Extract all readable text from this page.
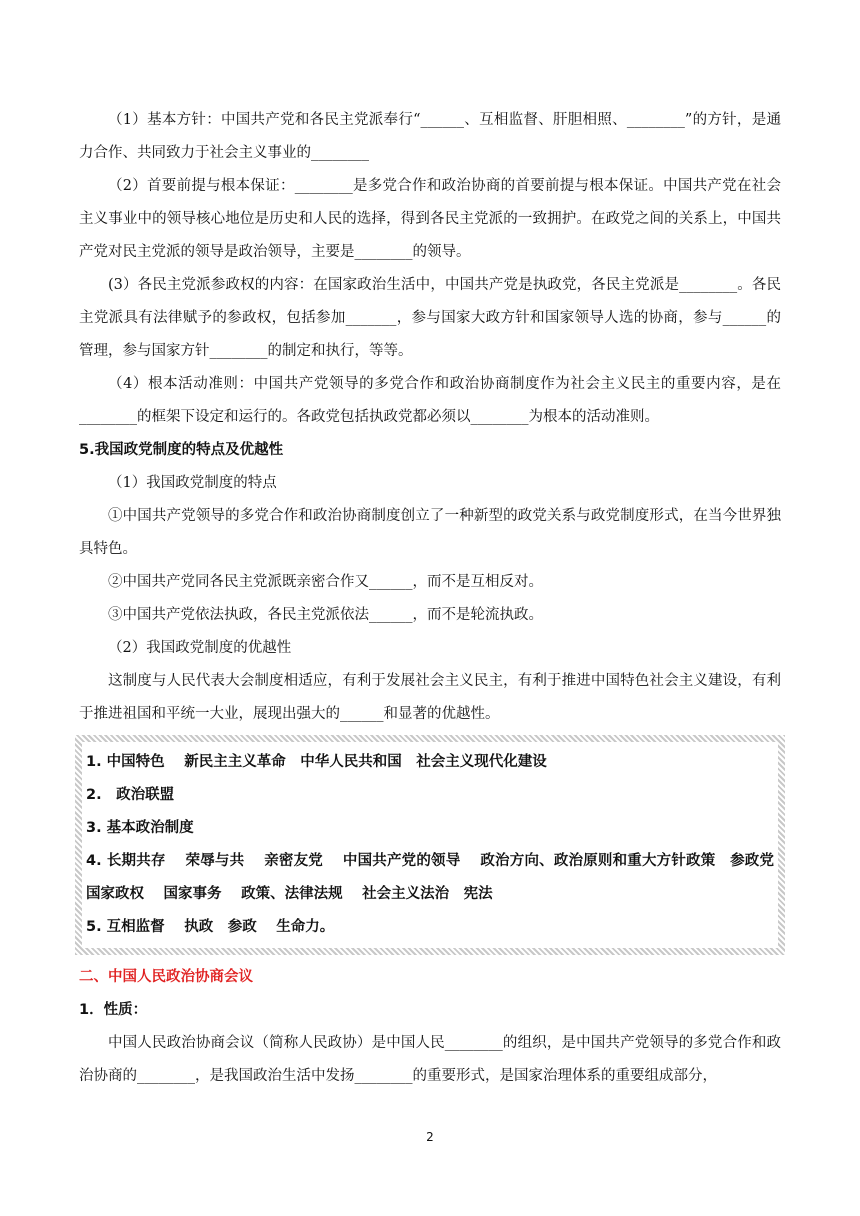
（1）基本方针：中国共产党和各民主党派奉行“______、互相监督、肝胆相照、________”的方针，是通力合作、共同致力于社会主义事业的________

（2）首要前提与根本保证：________是多党合作和政治协商的首要前提与根本保证。中国共产党在社会主义事业中的领导核心地位是历史和人民的选择，得到各民主党派的一致拥护。在政党之间的关系上，中国共产党对民主党派的领导是政治领导，主要是________的领导。

(3）各民主党派参政权的内容：在国家政治生活中，中国共产党是执政党，各民主党派是________。各民主党派具有法律赋予的参政权，包括参加_______，参与国家大政方针和国家领导人选的协商，参与______的管理，参与国家方针________的制定和执行，等等。

（4）根本活动准则：中国共产党领导的多党合作和政治协商制度作为社会主义民主的重要内容，是在________的框架下设定和运行的。各政党包括执政党都必须以________为根本的活动准则。

5.我国政党制度的特点及优越性

（1）我国政党制度的特点

①中国共产党领导的多党合作和政治协商制度创立了一种新型的政党关系与政党制度形式，在当今世界独具特色。

②中国共产党同各民主党派既亲密合作又______，而不是互相反对。

③中国共产党依法执政，各民主党派依法______，而不是轮流执政。

（2）我国政党制度的优越性

这制度与人民代表大会制度相适应，有利于发展社会主义民主，有利于推进中国特色社会主义建设，有利于推进祖国和平统一大业，展现出强大的______和显著的优越性。

1. 中国特色　 新民主主义革命　中华人民共和国　社会主义现代化建设

2.　政治联盟

3. 基本政治制度

4. 长期共存　 荣辱与共　 亲密友党　 中国共产党的领导　 政治方向、政治原则和重大方针政策　参政党　国家政权　 国家事务　 政策、法律法规　 社会主义法治　宪法

5. 互相监督　 执政　参政　 生命力。

二、中国人民政治协商会议

1．性质：

中国人民政治协商会议（简称人民政协）是中国人民________的组织，是中国共产党领导的多党合作和政治协商的________，是我国政治生活中发扬________的重要形式，是国家治理体系的重要组成部分，

2
